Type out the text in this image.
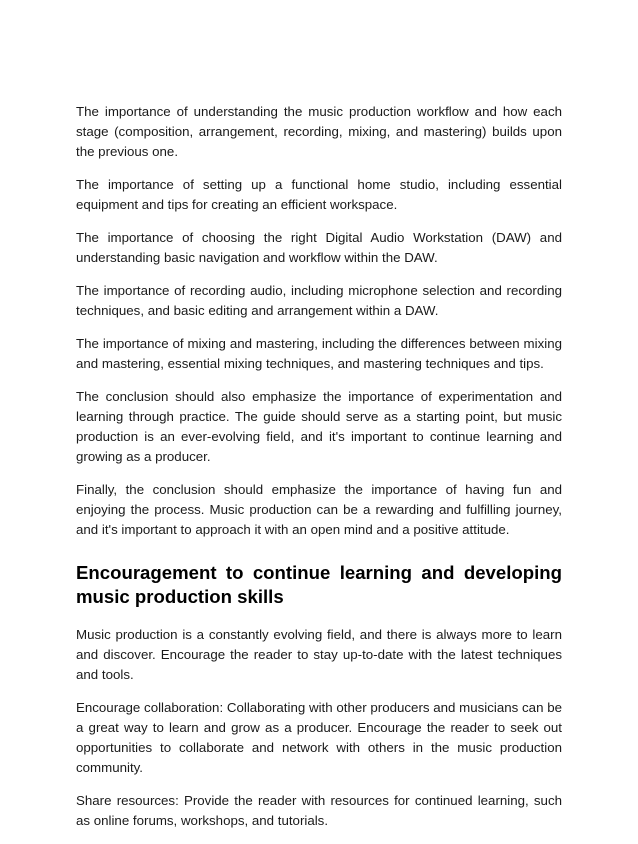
The importance of understanding the music production workflow and how each stage (composition, arrangement, recording, mixing, and mastering) builds upon the previous one.

The importance of setting up a functional home studio, including essential equipment and tips for creating an efficient workspace.

The importance of choosing the right Digital Audio Workstation (DAW) and understanding basic navigation and workflow within the DAW.

The importance of recording audio, including microphone selection and recording techniques, and basic editing and arrangement within a DAW.

The importance of mixing and mastering, including the differences between mixing and mastering, essential mixing techniques, and mastering techniques and tips.

The conclusion should also emphasize the importance of experimentation and learning through practice. The guide should serve as a starting point, but music production is an ever-evolving field, and it's important to continue learning and growing as a producer.

Finally, the conclusion should emphasize the importance of having fun and enjoying the process. Music production can be a rewarding and fulfilling journey, and it's important to approach it with an open mind and a positive attitude.

Encouragement to continue learning and developing music production skills

Music production is a constantly evolving field, and there is always more to learn and discover. Encourage the reader to stay up-to-date with the latest techniques and tools.

Encourage collaboration: Collaborating with other producers and musicians can be a great way to learn and grow as a producer. Encourage the reader to seek out opportunities to collaborate and network with others in the music production community.

Share resources: Provide the reader with resources for continued learning, such as online forums, workshops, and tutorials.
